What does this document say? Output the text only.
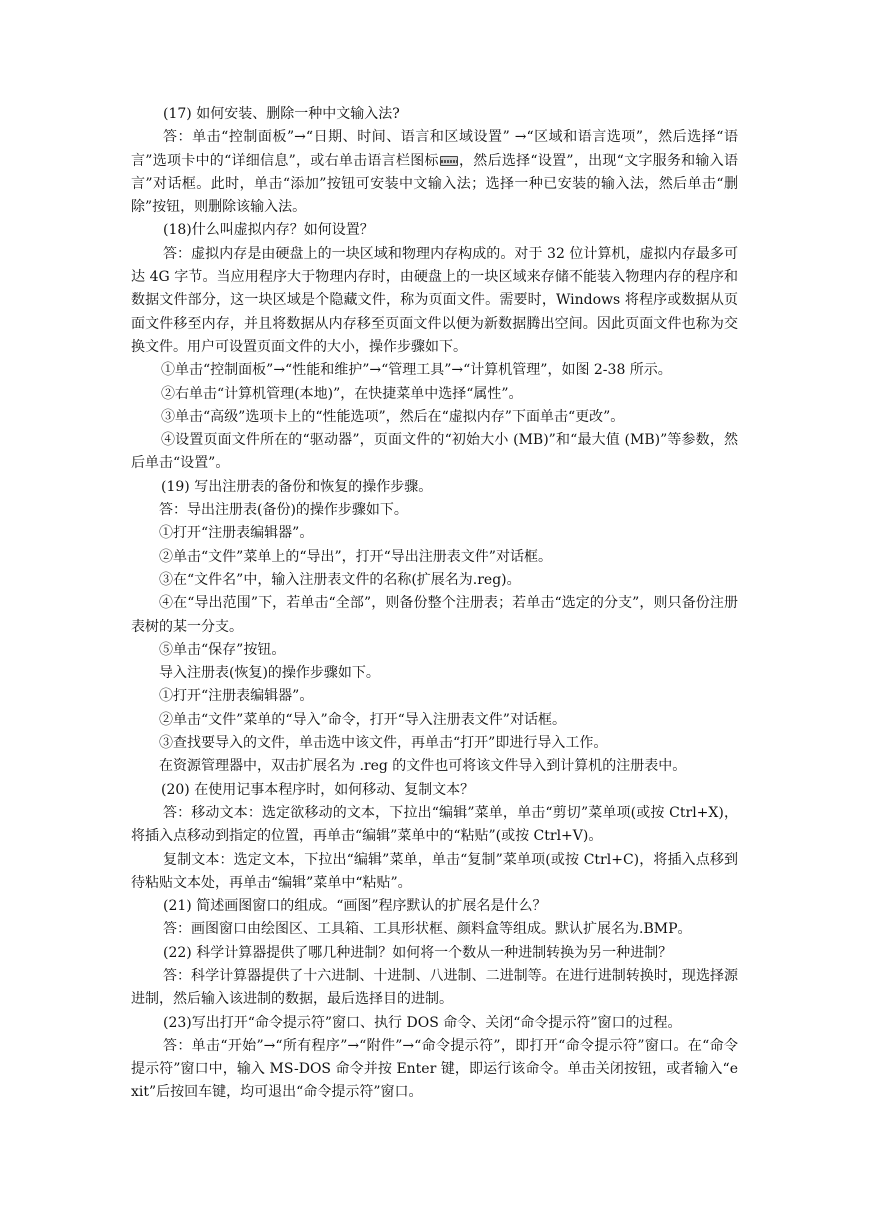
(17) 如何安装、删除一种中文输入法?

答：单击“控制面板”→“日期、时间、语言和区域设置” →“区域和语言选项”，然后选择“语言”选项卡中的“详细信息”，或右单击语言栏图标 ，然后选择“设置”，出现“文字服务和输入语言”对话框。此时，单击“添加”按钮可安装中文输入法；选择一种已安装的输入法，然后单击“删除”按钮，则删除该输入法。

(18)什么叫虚拟内存？如何设置？

答：虚拟内存是由硬盘上的一块区域和物理内存构成的。对于 32 位计算机，虚拟内存最多可达 4G 字节。当应用程序大于物理内存时，由硬盘上的一块区域来存储不能装入物理内存的程序和数据文件部分，这一块区域是个隐藏文件，称为页面文件。需要时，Windows 将程序或数据从页面文件移至内存，并且将数据从内存移至页面文件以便为新数据腾出空间。因此页面文件也称为交换文件。用户可设置页面文件的大小，操作步骤如下。

①单击“控制面板”→“性能和维护”→“管理工具”→“计算机管理”，如图 2-38 所示。

②右单击“计算机管理(本地)”，在快捷菜单中选择“属性”。

③单击“高级”选项卡上的“性能选项”，然后在“虚拟内存”下面单击“更改”。

④设置页面文件所在的“驱动器”，页面文件的“初始大小 (MB)”和“最大值 (MB)”等参数，然后单击“设置”。

(19) 写出注册表的备份和恢复的操作步骤。

答：导出注册表(备份)的操作步骤如下。

①打开“注册表编辑器”。

②单击“文件”菜单上的“导出”，打开“导出注册表文件”对话框。

③在“文件名”中，输入注册表文件的名称(扩展名为.reg)。

④在“导出范围”下，若单击“全部”，则备份整个注册表；若单击“选定的分支”，则只备份注册表树的某一分支。

⑤单击“保存”按钮。

导入注册表(恢复)的操作步骤如下。

①打开“注册表编辑器”。

②单击“文件”菜单的“导入”命令，打开“导入注册表文件”对话框。

③查找要导入的文件，单击选中该文件，再单击“打开”即进行导入工作。

在资源管理器中，双击扩展名为 .reg 的文件也可将该文件导入到计算机的注册表中。

(20) 在使用记事本程序时，如何移动、复制文本？

答：移动文本：选定欲移动的文本，下拉出“编辑”菜单，单击“剪切”菜单项(或按 Ctrl+X)，将插入点移动到指定的位置，再单击“编辑”菜单中的“粘贴”(或按 Ctrl+V)。

复制文本：选定文本，下拉出“编辑”菜单，单击“复制”菜单项(或按 Ctrl+C)，将插入点移到待粘贴文本处，再单击“编辑”菜单中“粘贴”。

(21) 简述画图窗口的组成。“画图”程序默认的扩展名是什么？

答：画图窗口由绘图区、工具箱、工具形状框、颜料盒等组成。默认扩展名为.BMP。

(22) 科学计算器提供了哪几种进制？如何将一个数从一种进制转换为另一种进制？

答：科学计算器提供了十六进制、十进制、八进制、二进制等。在进行进制转换时，现选择源进制，然后输入该进制的数据，最后选择目的进制。

(23)写出打开“命令提示符”窗口、执行 DOS 命令、关闭“命令提示符”窗口的过程。

答：单击“开始”→“所有程序”→“附件”→“命令提示符”，即打开“命令提示符”窗口。在“命令提示符”窗口中，输入 MS-DOS 命令并按 Enter 键，即运行该命令。单击关闭按钮，或者输入“exit”后按回车键，均可退出“命令提示符”窗口。
